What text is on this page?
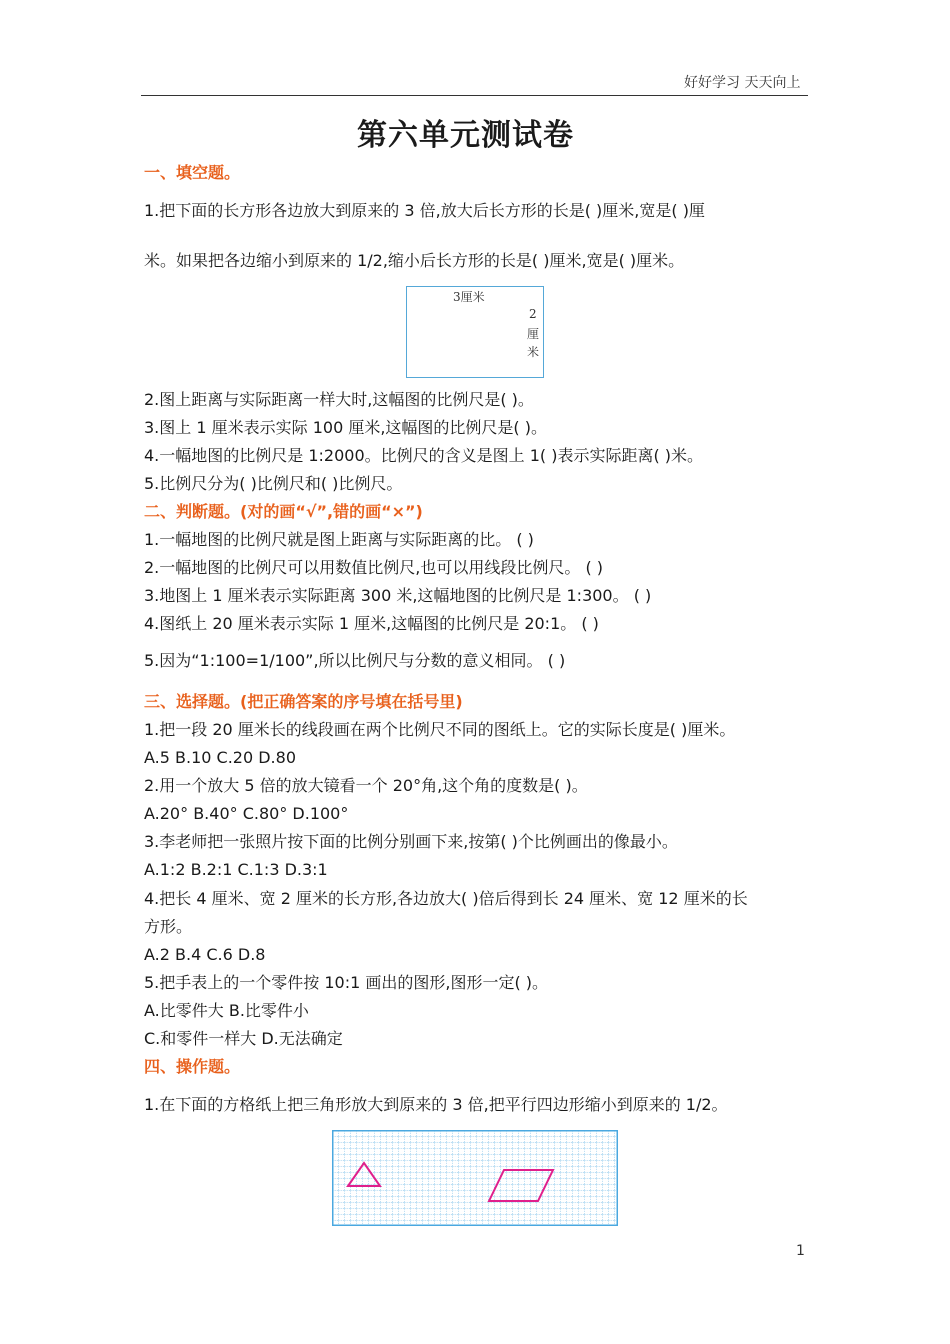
好好学习 天天向上
第六单元测试卷
一、填空题。
1.把下面的长方形各边放大到原来的 3 倍,放大后长方形的长是( )厘米,宽是( )厘
米。如果把各边缩小到原来的 1/2,缩小后长方形的长是( )厘米,宽是( )厘米。
3厘米
2
厘
米
2.图上距离与实际距离一样大时,这幅图的比例尺是( )。
3.图上 1 厘米表示实际 100 厘米,这幅图的比例尺是( )。
4.一幅地图的比例尺是 1:2000。比例尺的含义是图上 1( )表示实际距离( )米。
5.比例尺分为( )比例尺和( )比例尺。
二、判断题。(对的画“√”,错的画“×”)
1.一幅地图的比例尺就是图上距离与实际距离的比。 ( )
2.一幅地图的比例尺可以用数值比例尺,也可以用线段比例尺。 ( )
3.地图上 1 厘米表示实际距离 300 米,这幅地图的比例尺是 1:300。 ( )
4.图纸上 20 厘米表示实际 1 厘米,这幅图的比例尺是 20:1。 ( )
5.因为“1:100=1/100”,所以比例尺与分数的意义相同。 ( )
三、选择题。(把正确答案的序号填在括号里)
1.把一段 20 厘米长的线段画在两个比例尺不同的图纸上。它的实际长度是( )厘米。
A.5 B.10 C.20 D.80
2.用一个放大 5 倍的放大镜看一个 20°角,这个角的度数是( )。
A.20° B.40° C.80° D.100°
3.李老师把一张照片按下面的比例分别画下来,按第( )个比例画出的像最小。
A.1:2 B.2:1 C.1:3 D.3:1
4.把长 4 厘米、宽 2 厘米的长方形,各边放大( )倍后得到长 24 厘米、宽 12 厘米的长
方形。
A.2 B.4 C.6 D.8
5.把手表上的一个零件按 10:1 画出的图形,图形一定( )。
A.比零件大 B.比零件小
C.和零件一样大 D.无法确定
四、操作题。
1.在下面的方格纸上把三角形放大到原来的 3 倍,把平行四边形缩小到原来的 1/2。
1
